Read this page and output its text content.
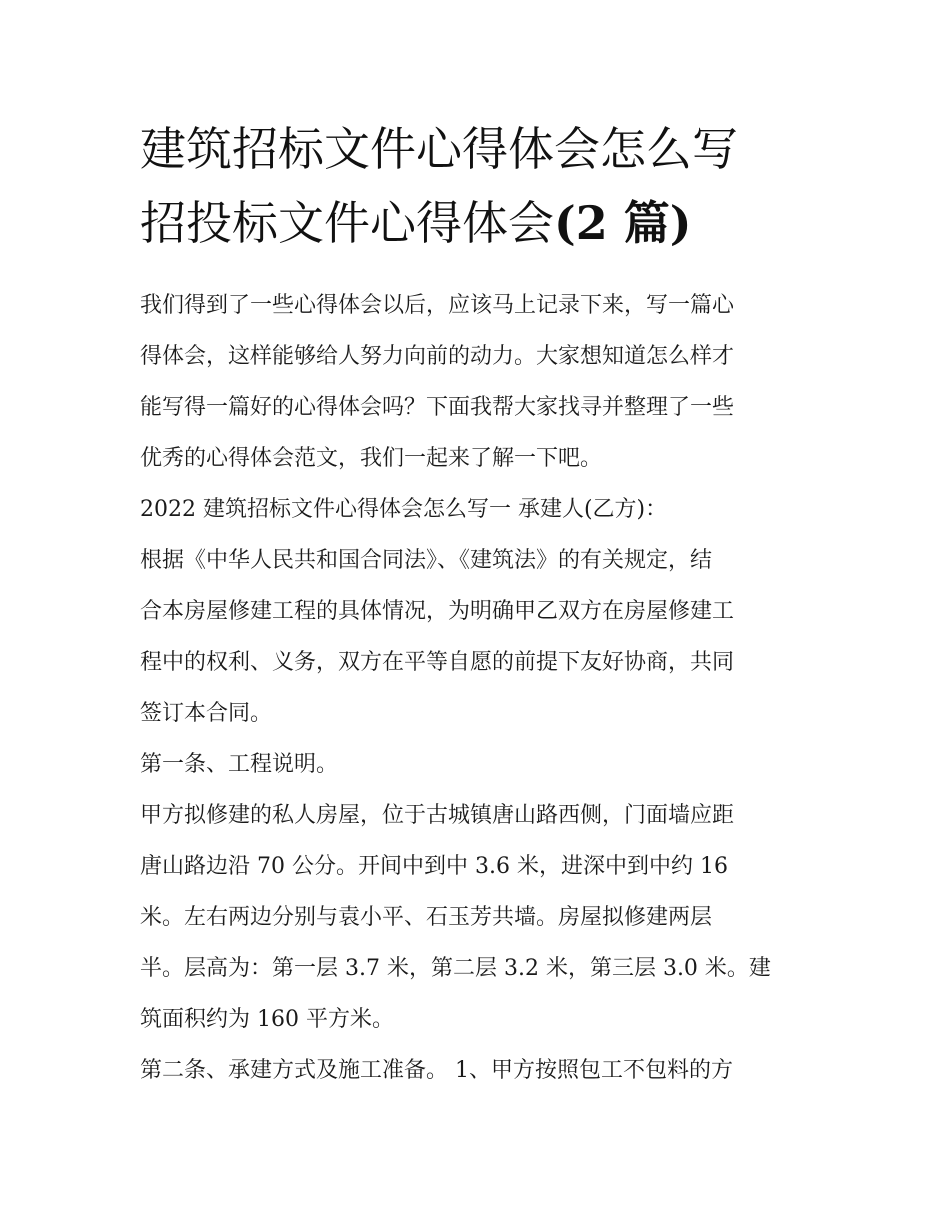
建筑招标文件心得体会怎么写
招投标文件心得体会(2 篇)
我们得到了一些心得体会以后，应该马上记录下来，写一篇心
得体会，这样能够给人努力向前的动力。大家想知道怎么样才
能写得一篇好的心得体会吗？下面我帮大家找寻并整理了一些
优秀的心得体会范文，我们一起来了解一下吧。
2022 建筑招标文件心得体会怎么写一 承建人(乙方)：
根据《中华人民共和国合同法》、《建筑法》的有关规定，结
合本房屋修建工程的具体情况，为明确甲乙双方在房屋修建工
程中的权利、义务，双方在平等自愿的前提下友好协商，共同
签订本合同。
第一条、工程说明。
甲方拟修建的私人房屋，位于古城镇唐山路西侧，门面墙应距
唐山路边沿 70 公分。开间中到中 3.6 米，进深中到中约 16
米。左右两边分别与袁小平、石玉芳共墙。房屋拟修建两层
半。层高为：第一层 3.7 米，第二层 3.2 米，第三层 3.0 米。建
筑面积约为 160 平方米。
第二条、承建方式及施工准备。 1、甲方按照包工不包料的方
